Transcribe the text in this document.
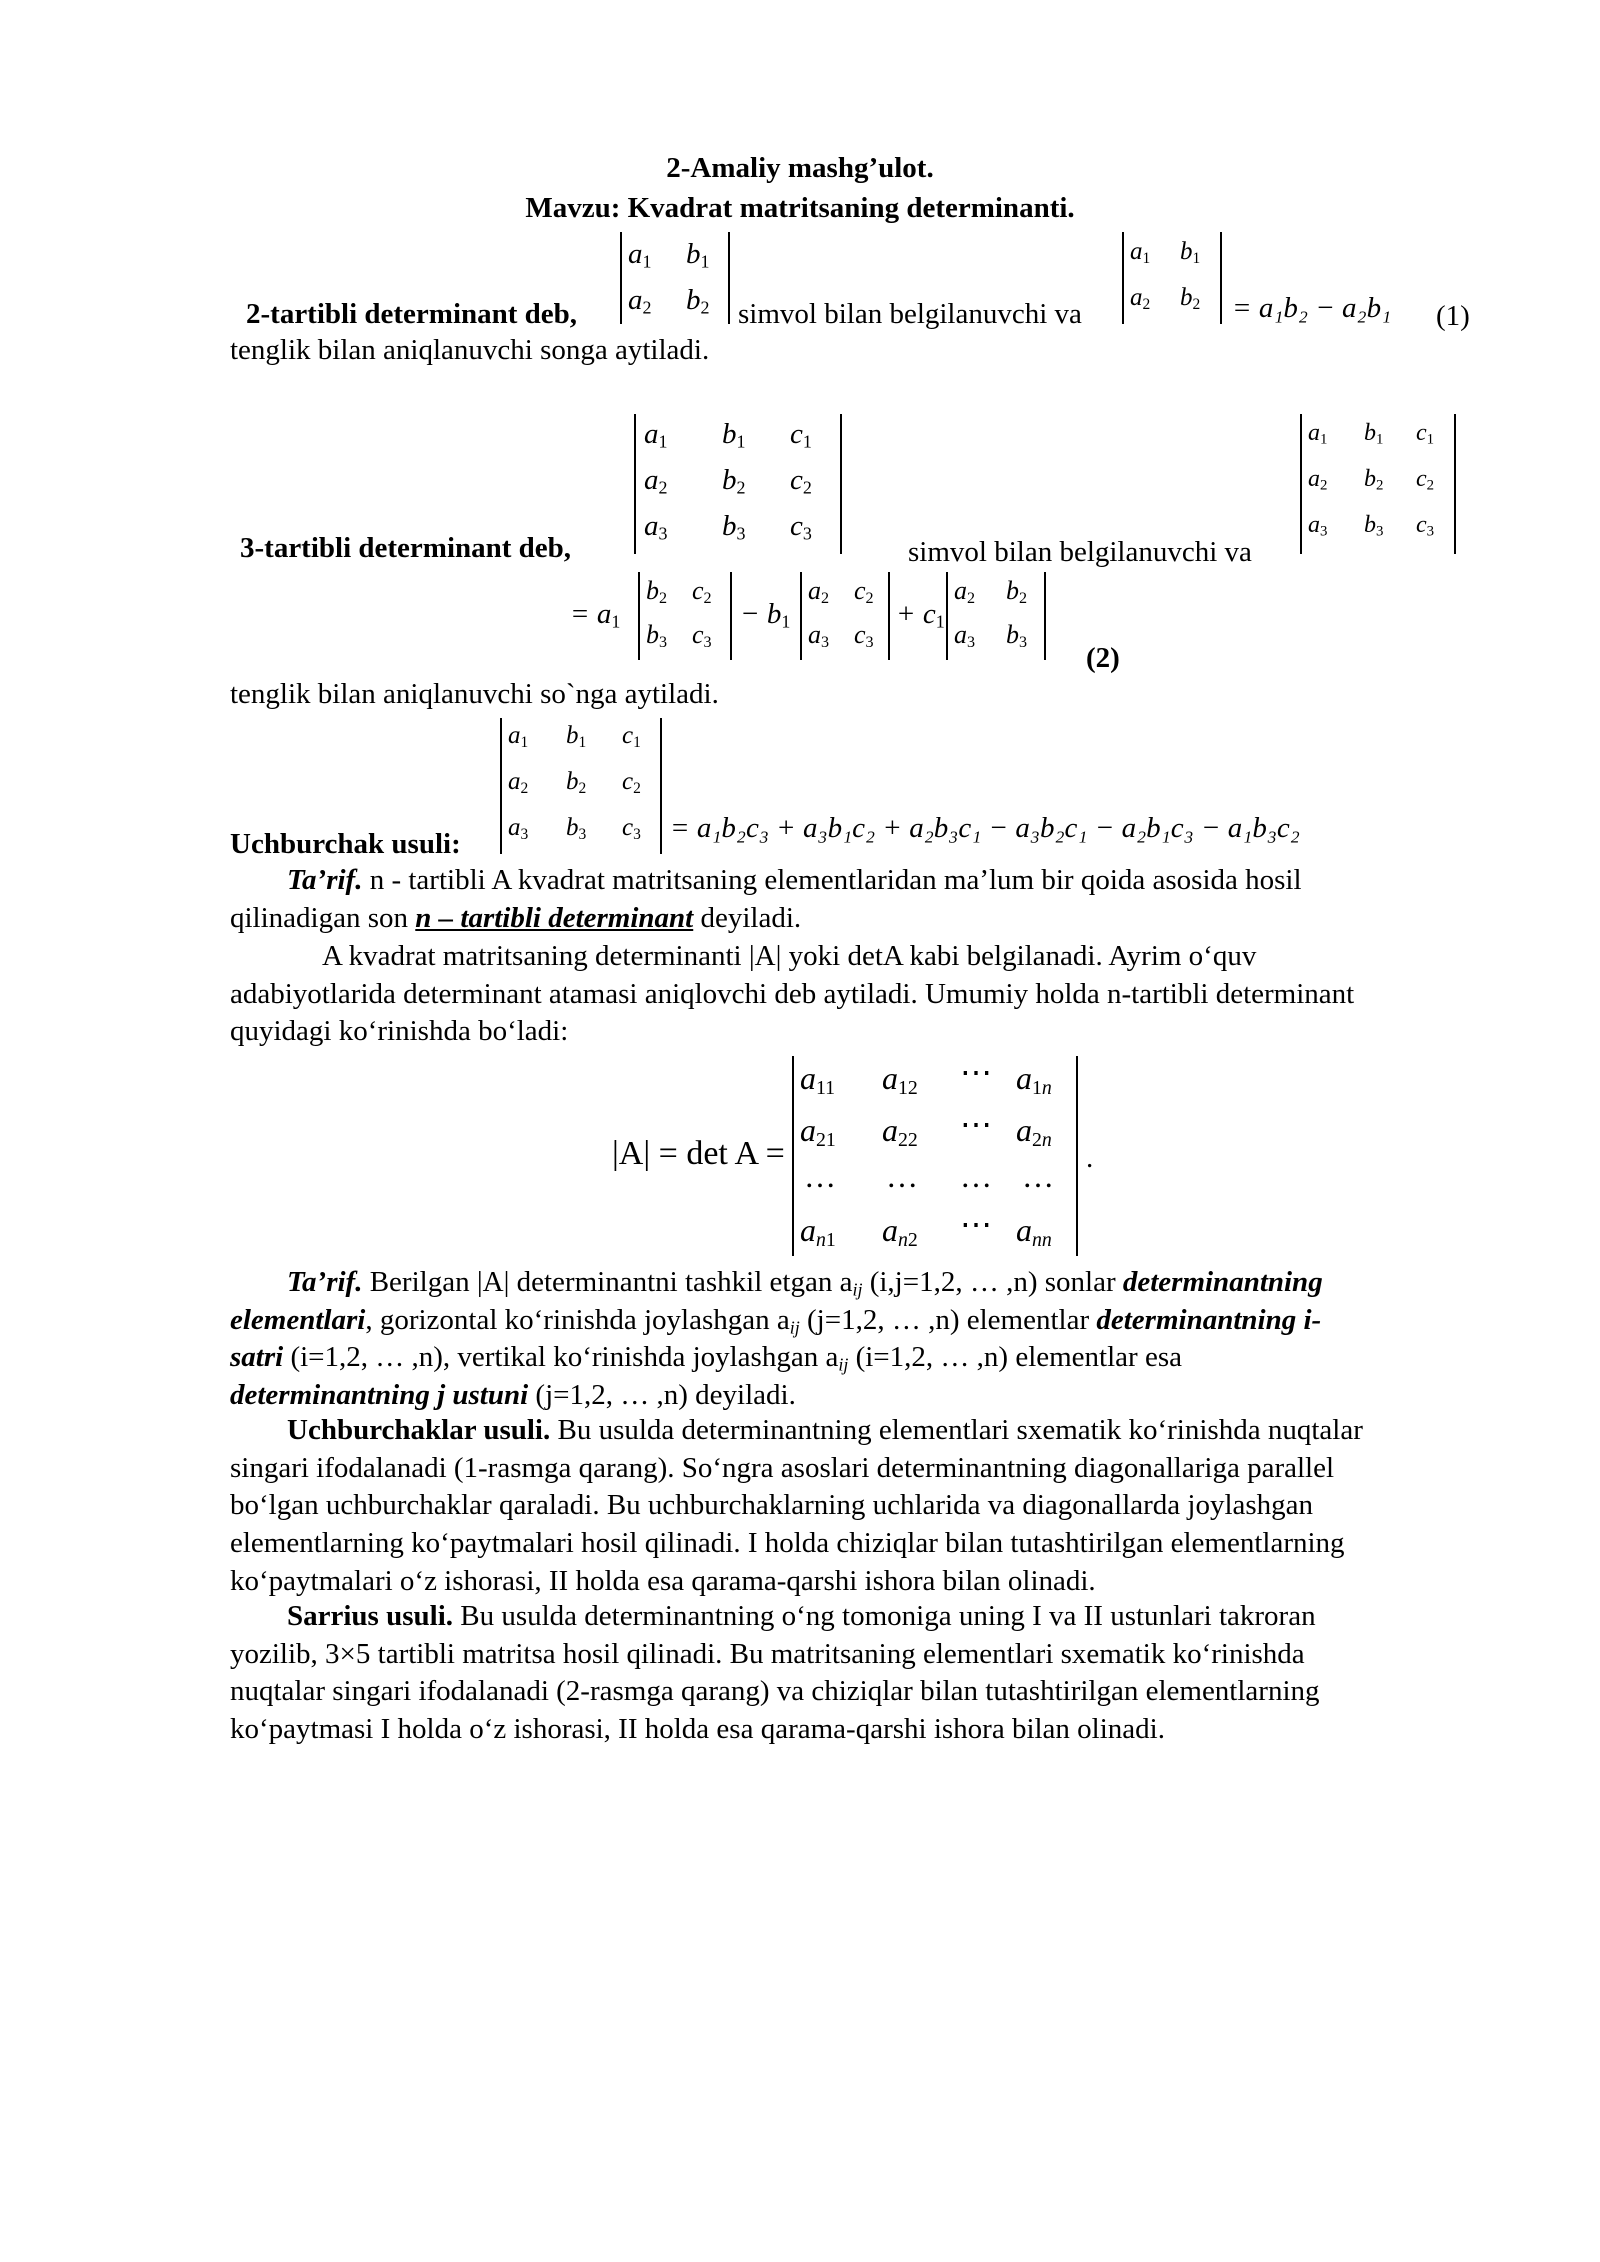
2-Amaliy mashg’ulot.
Mavzu: Kvadrat matritsaning determinanti.
$a_1$ $b_1$
$a_2$ $b_2$
2-tartibli determinant deb,	simvol bilan belgilanuvchi va
$a_1$ $b_1$
$a_2$ $b_2 = a_1b_2 - a_2b_1$ (1)
tenglik bilan aniqlanuvchi songa aytiladi.
$a_1$ $b_1$ $c_1$
$a_2$ $b_2$ $c_2$
$a_3$ $b_3$ $c_3$
3-tartibli determinant deb,	simvol bilan belgilanuvchi va
$a_1$ $b_1$ $c_1$
$a_2$ $b_2$ $c_2$
$a_3$ $b_3$ $c_3$
= $a_1$
$b_2$ $c_2$
$b_3$ $c_3$
− $b_1$
$a_2$ $c_2$
$a_3$ $c_3$
+ $c_1$
$a_2$ $b_2$
$a_3$ $b_3$ (2)
tenglik bilan aniqlanuvchi so`nga aytiladi.
$a_1$ $b_1$ $c_1$
$a_2$ $b_2$ $c_2$
$a_3$ $b_3$ $c_3$
Uchburchak usuli:	= a₁b₂c₃ + a₃b₁c₂ + a₂b₃c₁ − a₃b₂c₁ − a₂b₁c₃ − a₁b₃c₂
Ta’rif. n - tartibli A kvadrat matritsaning elementlaridan ma’lum bir qoida asosida hosil
qilinadigan son n – tartibli determinant deyiladi.
A kvadrat matritsaning determinanti |A| yoki detA kabi belgilanadi. Ayrim o‘quv
adabiyotlarida determinant atamasi aniqlovchi deb aytiladi. Umumiy holda n-tartibli determinant
quyidagi ko‘rinishda bo‘ladi:
|A| = det A =
$a_{11}$ $a_{12}$ ⋯ $a_{1n}$
$a_{21}$ $a_{22}$ ⋯ $a_{2n}$
… … … …
$a_{n1}$ $a_{n2}$ ⋯ $a_{nn}$
.
Ta’rif. Berilgan |A| determinantni tashkil etgan $a_{ij}$ (i,j=1,2, … ,n) sonlar determinantning
elementlari, gorizontal ko‘rinishda joylashgan $a_{ij}$ (j=1,2, … ,n) elementlar determinantning i-
satri (i=1,2, … ,n), vertikal ko‘rinishda joylashgan $a_{ij}$ (i=1,2, … ,n) elementlar esa
determinantning j ustuni (j=1,2, … ,n) deyiladi.
Uchburchaklar usuli. Bu usulda determinantning elementlari sxematik ko‘rinishda nuqtalar
singari ifodalanadi (1-rasmga qarang). So‘ngra asoslari determinantning diagonallariga parallel
bo‘lgan uchburchaklar qaraladi. Bu uchburchaklarning uchlarida va diagonallarda joylashgan
elementlarning ko‘paytmalari hosil qilinadi. I holda chiziqlar bilan tutashtirilgan elementlarning
ko‘paytmalari o‘z ishorasi, II holda esa qarama-qarshi ishora bilan olinadi.
Sarrius usuli. Bu usulda determinantning o‘ng tomoniga uning I va II ustunlari takroran
yozilib, 3×5 tartibli matritsa hosil qilinadi. Bu matritsaning elementlari sxematik ko‘rinishda
nuqtalar singari ifodalanadi (2-rasmga qarang) va chiziqlar bilan tutashtirilgan elementlarning
ko‘paytmasi I holda o‘z ishorasi, II holda esa qarama-qarshi ishora bilan olinadi.
